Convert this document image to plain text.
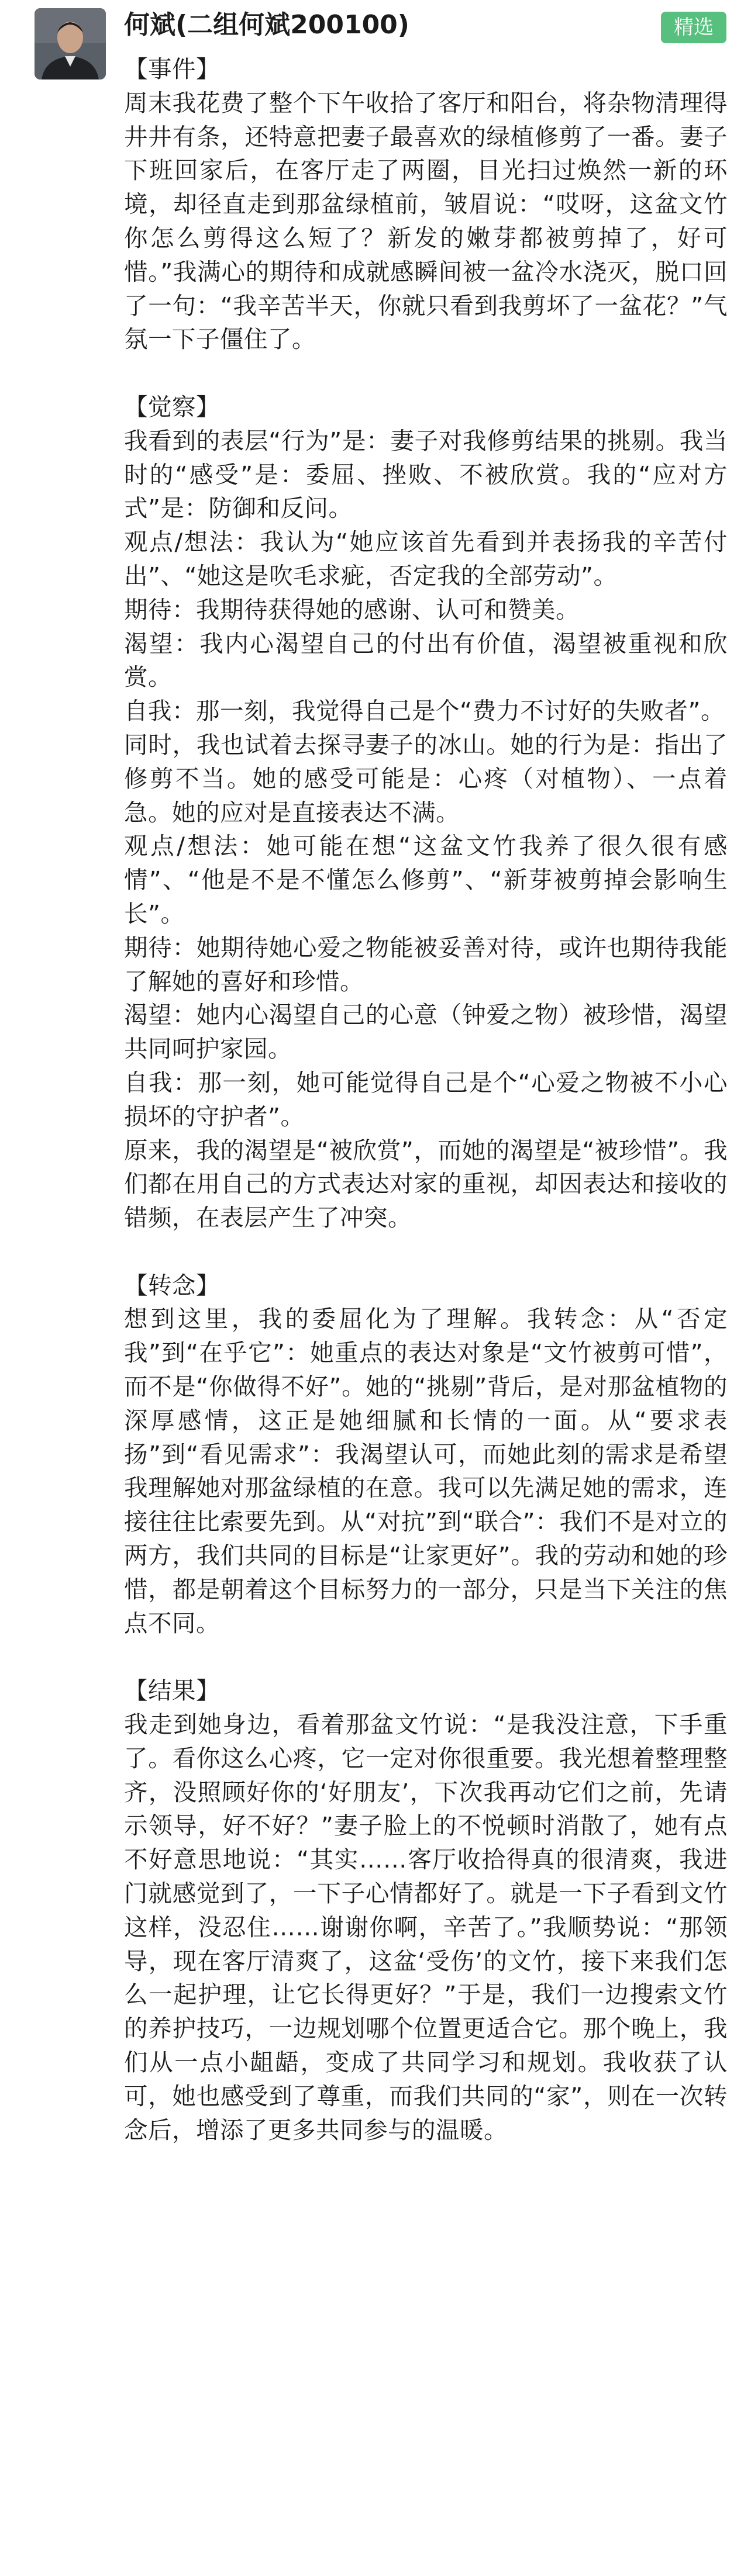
何斌(二组何斌200100)	精选

【事件】

周末我花费了整个下午收拾了客厅和阳台，将杂物清理得井井有条，还特意把妻子最喜欢的绿植修剪了一番。妻子下班回家后，在客厅走了两圈，目光扫过焕然一新的环境，却径直走到那盆绿植前，皱眉说：“哎呀，这盆文竹你怎么剪得这么短了？新发的嫩芽都被剪掉了，好可惜。”我满心的期待和成就感瞬间被一盆冷水浇灭，脱口回了一句：“我辛苦半天，你就只看到我剪坏了一盆花？”气氛一下子僵住了。

【觉察】

我看到的表层“行为”是：妻子对我修剪结果的挑剔。我当时的“感受”是：委屈、挫败、不被欣赏。我的“应对方式”是：防御和反问。

观点/想法：我认为“她应该首先看到并表扬我的辛苦付出”、“她这是吹毛求疵，否定我的全部劳动”。

期待：我期待获得她的感谢、认可和赞美。

渴望：我内心渴望自己的付出有价值，渴望被重视和欣赏。

自我：那一刻，我觉得自己是个“费力不讨好的失败者”。

同时，我也试着去探寻妻子的冰山。她的行为是：指出了修剪不当。她的感受可能是：心疼（对植物）、一点着急。她的应对是直接表达不满。

观点/想法：她可能在想“这盆文竹我养了很久很有感情”、“他是不是不懂怎么修剪”、“新芽被剪掉会影响生长”。

期待：她期待她心爱之物能被妥善对待，或许也期待我能了解她的喜好和珍惜。

渴望：她内心渴望自己的心意（钟爱之物）被珍惜，渴望共同呵护家园。

自我：那一刻，她可能觉得自己是个“心爱之物被不小心损坏的守护者”。

原来，我的渴望是“被欣赏”，而她的渴望是“被珍惜”。我们都在用自己的方式表达对家的重视，却因表达和接收的错频，在表层产生了冲突。

【转念】

想到这里，我的委屈化为了理解。我转念：从“否定我”到“在乎它”：她重点的表达对象是“文竹被剪可惜”，而不是“你做得不好”。她的“挑剔”背后，是对那盆植物的深厚感情，这正是她细腻和长情的一面。从“要求表扬”到“看见需求”：我渴望认可，而她此刻的需求是希望我理解她对那盆绿植的在意。我可以先满足她的需求，连接往往比索要先到。从“对抗”到“联合”：我们不是对立的两方，我们共同的目标是“让家更好”。我的劳动和她的珍惜，都是朝着这个目标努力的一部分，只是当下关注的焦点不同。

【结果】

我走到她身边，看着那盆文竹说：“是我没注意，下手重了。看你这么心疼，它一定对你很重要。我光想着整理整齐，没照顾好你的‘好朋友’，下次我再动它们之前，先请示领导，好不好？”妻子脸上的不悦顿时消散了，她有点不好意思地说：“其实……客厅收拾得真的很清爽，我进门就感觉到了，一下子心情都好了。就是一下子看到文竹这样，没忍住……谢谢你啊，辛苦了。”我顺势说：“那领导，现在客厅清爽了，这盆‘受伤’的文竹，接下来我们怎么一起护理，让它长得更好？”于是，我们一边搜索文竹的养护技巧，一边规划哪个位置更适合它。那个晚上，我们从一点小龃龉，变成了共同学习和规划。我收获了认可，她也感受到了尊重，而我们共同的“家”，则在一次转念后，增添了更多共同参与的温暖。
